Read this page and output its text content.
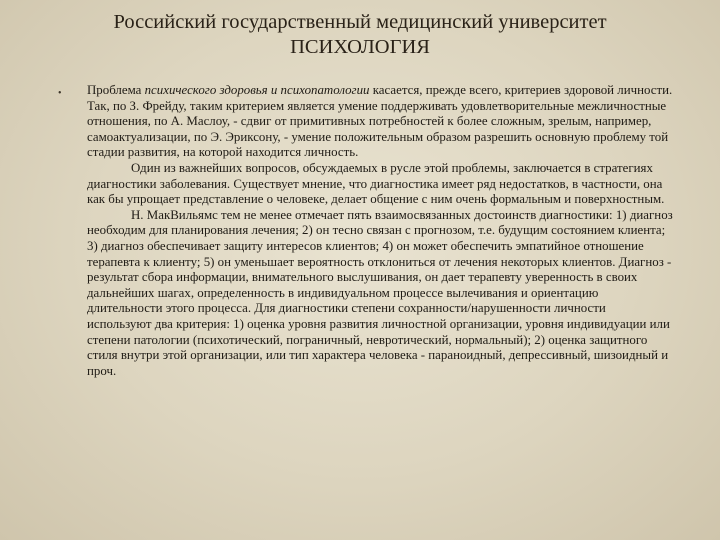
Российский государственный медицинский университет
ПСИХОЛОГИЯ
• Проблема психического здоровья и психопатологии касается, прежде всего, критериев здоровой личности. Так, по З. Фрейду, таким критерием является умение поддерживать удовлетворительные межличностные отношения, по А. Маслоу, - сдвиг от примитивных потребностей к более сложным, зрелым, например, самоактуализации, по Э. Эриксону, - умение положительным образом разрешить основную проблему той стадии развития, на которой находится личность.

Один из важнейших вопросов, обсуждаемых в русле этой проблемы, заключается в стратегиях диагностики заболевания. Существует мнение, что диагностика имеет ряд недостатков, в частности, она как бы упрощает представление о человеке, делает общение с ним очень формальным и поверхностным.

Н. МакВильямс тем не менее отмечает пять взаимосвязанных достоинств диагностики: 1) диагноз необходим для планирования лечения; 2) он тесно связан с прогнозом, т.е. будущим состоянием клиента; 3) диагноз обеспечивает защиту интересов клиентов; 4) он может обеспечить эмпатийное отношение терапевта к клиенту; 5) он уменьшает вероятность отклониться от лечения некоторых клиентов. Диагноз - результат сбора информации, внимательного выслушивания, он дает терапевту уверенность в своих дальнейших шагах, определенность в индивидуальном процессе вылечивания и ориентацию длительности этого процесса. Для диагностики степени сохранности/нарушенности личности используют два критерия: 1) оценка уровня развития личностной организации, уровня индивидуации или степени патологии (психотический, пограничный, невротический, нормальный); 2) оценка защитного стиля внутри этой организации, или тип характера человека - параноидный, депрессивный, шизоидный и проч.
